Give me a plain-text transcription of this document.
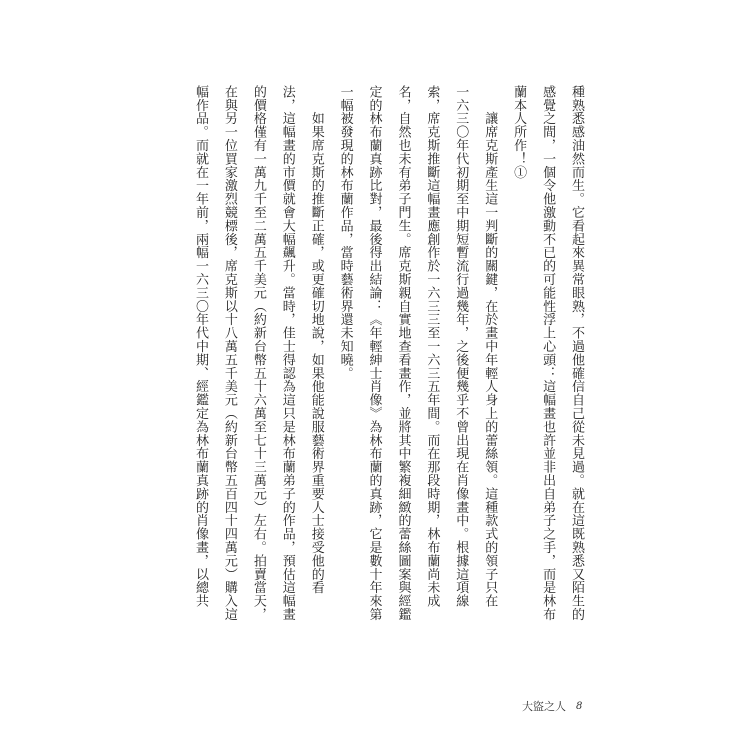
種熟悉感油然而生。它看起來異常眼熟，不過他確信自己從未見過。就在這既熟悉又陌生的
感覺之間，一個令他激動不已的可能性浮上心頭：這幅畫也許並非出自弟子之手，而是林布
蘭本人所作！①
　　讓席克斯產生這一判斷的關鍵，在於畫中年輕人身上的蕾絲領。這種款式的領子只在
一六三〇年代初期至中期短暫流行過幾年，之後便幾乎不曾出現在肖像畫中。根據這項線
索，席克斯推斷這幅畫應創作於一六三三至一六三五年間。而在那段時期，林布蘭尚未成
名，自然也未有弟子門生。席克斯親自實地查看畫作，並將其中繁複細緻的蕾絲圖案與經鑑
定的林布蘭真跡比對，最後得出結論：《年輕紳士肖像》為林布蘭的真跡，它是數十年來第
一幅被發現的林布蘭作品，當時藝術界還未知曉。
　　如果席克斯的推斷正確，或更確切地說，如果他能說服藝術界重要人士接受他的看
法，這幅畫的市價就會大幅飆升。當時，佳士得認為這只是林布蘭弟子的作品，預估這幅畫
的價格僅有一萬九千至二萬五千美元（約新台幣五十六萬至七十三萬元）左右。拍賣當天，
在與另一位買家激烈競標後，席克斯以十八萬五千美元（約新台幣五百四十四萬元）購入這
幅作品。而就在一年前，兩幅一六三〇年代中期、經鑑定為林布蘭真跡的肖像畫，以總共
大盜之人 8
